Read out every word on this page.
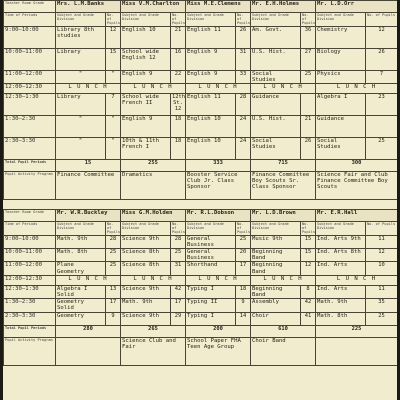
Teacher Room Grade	Mrs. L.M.Banks		Miss V.M.Charlton		Miss M.E.Clemens		Mr. E.H.Holmes		Mr. L.D.Orr	
Time of Periods	Subject and Grade Division	No. of Pupils	Subject and Grade Division	No. of Pupils	Subject and Grade Division	No. of Pupils	Subject and Grade Division	No. of Pupils	Subject and Grade Division	No. of Pupils
9:00—10:00	Library 8th studies	12	English 10	21	English 11	26	Am. Govt.	36	Chemistry	12
10:00—11:00	Library	15	School wide English 12	16	English 9	31	U.S. Hist.	27	Biology	26
11:00—12:00	"	"	English 9	22	English 9	33	Social Studies	25	Physics	7
12:00—12:30	L U N C H		L U N C H		L U N C H		L U N C H		L U N C H	
12:30—1:30	Library	7	School wide French II	12th St. 12	English 11	28	Guidance		Algebra I	23
1:30—2:30	"	"	English 9	18	English 10	24	U.S. Hist.	21	Guidance	
2:30—3:30	"	"	10th & 11th French I	18	English 10	24	Social Studies	26	Social Studies	25
Total Pupil Periods	15		255		333		715		300	
Pupil Activity Program	Finance Committee		Dramatics		Booster Service Club Jr. Class Sponsor		Finance Committee Boy Scouts Sr. Class Sponsor		Science Fair and Club Finance Committee Boy Scouts	
Teacher Room Grade	Mr. W.R.Buckley		Miss G.M.Holden		Mr. R.L.Dobson		Mr. L.D.Brown		Mr. E.R.Hall	
Time of Periods	Subject and Grade Division	No. of Pupils	Subject and Grade Division	No. of Pupils	Subject and Grade Division	No. of Pupils	Subject and Grade Division	No. of Pupils	Subject and Grade Division	No. of Pupils
9:00—10:00	Math. 9th	28	Science 9th	28	General Business	25	Music 9th	15	Ind. Arts 9th	11
10:00—11:00	Math. 8th	25	Science 8th	25	General Business	20	Beginning Band	15	Ind. Arts 8th	12
11:00—12:00	Plane Geometry	25	Science 8th	31	Shorthand	17	Beginning Band	12	Ind. Arts	10
12:00—12:30	L U N C H		L U N C H		L U N C H		L U N C H		L U N C H	
12:30—1:30	Algebra I Solid	13	Science 9th	42	Typing I	18	Beginning Band	8	Ind. Arts	11
1:30—2:30	Geometry Solid	17	Math. 9th	17	Typing II	9	Assembly	42	Math. 9th	35
2:30—3:30	Geometry	9	Science 9th	29	Typing I	14	Choir	41	Math. 8th	25
Total Pupil Periods	280		265		200		610		225	
Pupil Activity Program			Science Club and Fair		School Paper FHA Teen Age Group		Choir Band			
